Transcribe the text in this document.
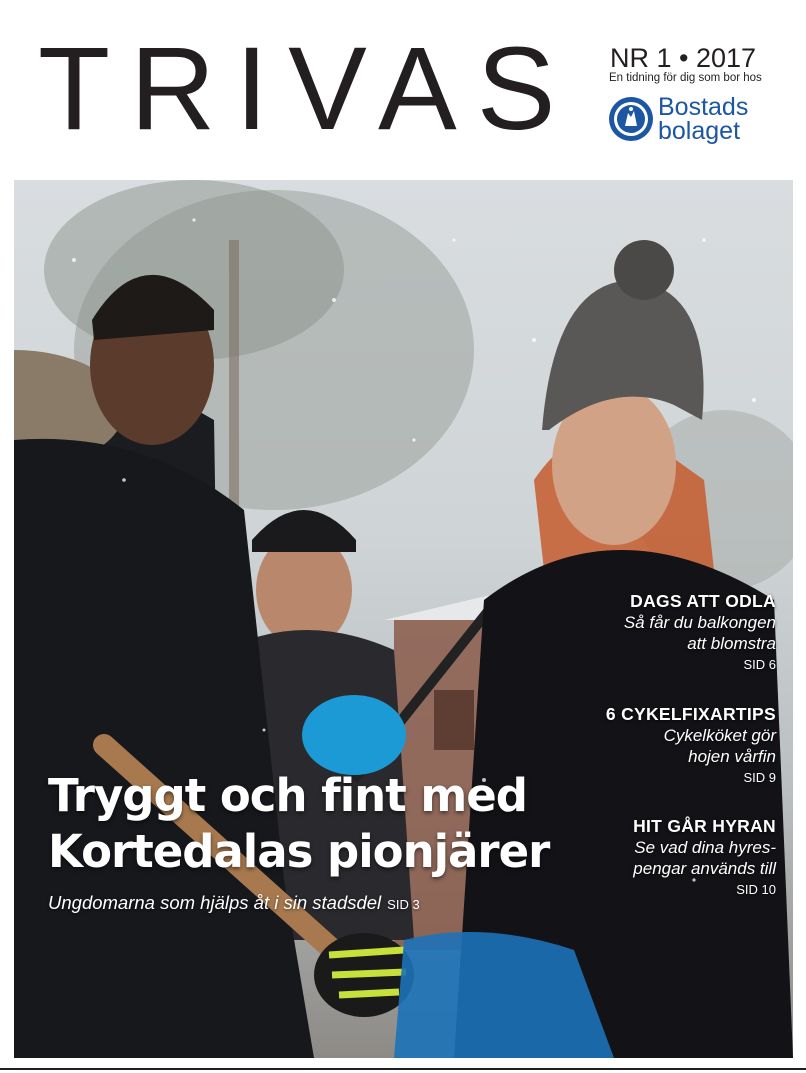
TRIVAS NR 1 • 2017
En tidning för dig som bor hos
Bostads
bolaget
Tryggt och fint med
Kortedalas pionjärer
Ungdomarna som hjälps åt i sin stadsdel SID 3
DAGS ATT ODLA
Så får du balkongen
att blomstra
SID 6
6 CYKELFIXARTIPS
Cykelköket gör
hojen vårfin
SID 9
HIT GÅR HYRAN
Se vad dina hyres-
pengar används till
SID 10
